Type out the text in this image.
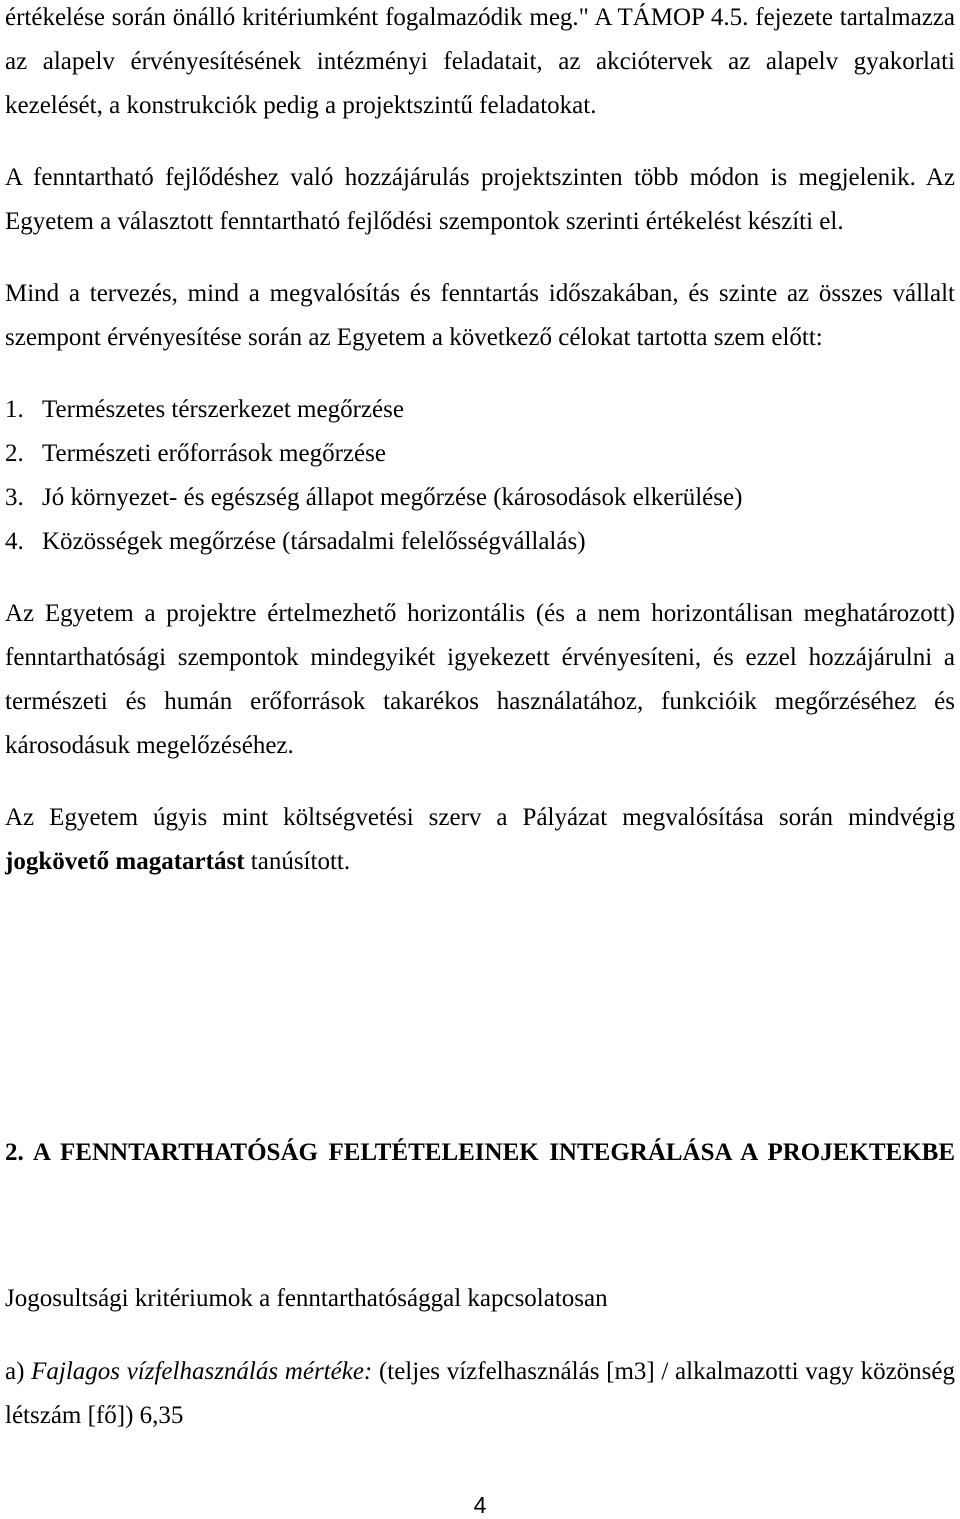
értékelése során önálló kritériumként fogalmazódik meg." A TÁMOP 4.5. fejezete tartalmazza
az alapelv érvényesítésének intézményi feladatait, az akciótervek az alapelv gyakorlati
kezelését, a konstrukciók pedig a projektszintű feladatokat.
A fenntartható fejlődéshez való hozzájárulás projektszinten több módon is megjelenik. Az
Egyetem a választott fenntartható fejlődési szempontok szerinti értékelést készíti el.
Mind a tervezés, mind a megvalósítás és fenntartás időszakában, és szinte az összes vállalt
szempont érvényesítése során az Egyetem a következő célokat tartotta szem előtt:
1. Természetes térszerkezet megőrzése
2. Természeti erőforrások megőrzése
3. Jó környezet- és egészség állapot megőrzése (károsodások elkerülése)
4. Közösségek megőrzése (társadalmi felelősségvállalás)
Az Egyetem a projektre értelmezhető horizontális (és a nem horizontálisan meghatározott)
fenntarthatósági szempontok mindegyikét igyekezett érvényesíteni, és ezzel hozzájárulni a
természeti és humán erőforrások takarékos használatához, funkcióik megőrzéséhez és
károsodásuk megelőzéséhez.
Az Egyetem úgyis mint költségvetési szerv a Pályázat megvalósítása során mindvégig
jogkövető magatartást tanúsított.
2. A FENNTARTHATÓSÁG FELTÉTELEINEK INTEGRÁLÁSA A PROJEKTEKBE
Jogosultsági kritériumok a fenntarthatósággal kapcsolatosan
a) Fajlagos vízfelhasználás mértéke: (teljes vízfelhasználás [m3] / alkalmazotti vagy közönség
létszám [fő]) 6,35
4
